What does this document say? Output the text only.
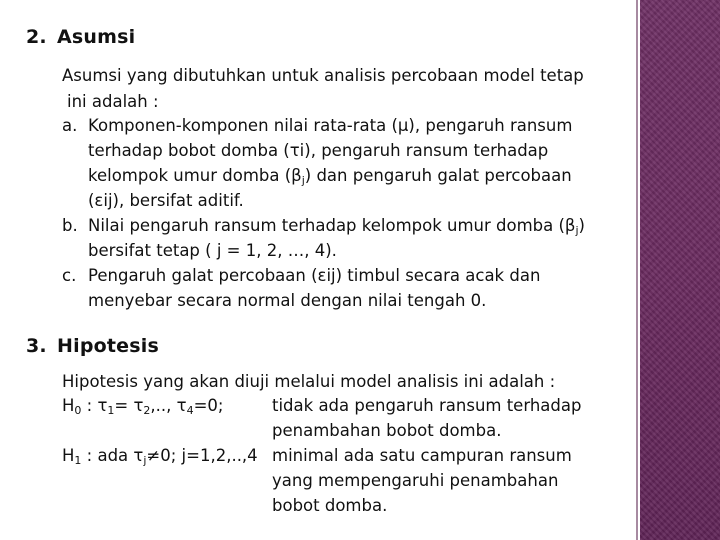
2. Asumsi
Asumsi yang dibutuhkan untuk analisis percobaan model tetap
ini adalah :
a. Komponen-komponen nilai rata-rata (µ), pengaruh ransum
terhadap bobot domba (τi), pengaruh ransum terhadap
kelompok umur domba $(\beta_j)$ dan pengaruh galat percobaan
(εij), bersifat aditif.
b. Nilai pengaruh ransum terhadap kelompok umur domba $(\beta_j)$
bersifat tetap ( j = 1, 2, …, 4).
c. Pengaruh galat percobaan (εij) timbul secara acak dan
menyebar secara normal dengan nilai tengah 0.
3. Hipotesis
Hipotesis yang akan diuji melalui model analisis ini adalah :
$H_0$ : $\tau_1= \tau_2$,.., $\tau_4=0$;	tidak ada pengaruh ransum terhadap
penambahan bobot domba.
$H_1$ : ada $\tau_j\ne 0$; j=1,2,..,4 minimal ada satu campuran ransum
yang mempengaruhi penambahan
bobot domba.
